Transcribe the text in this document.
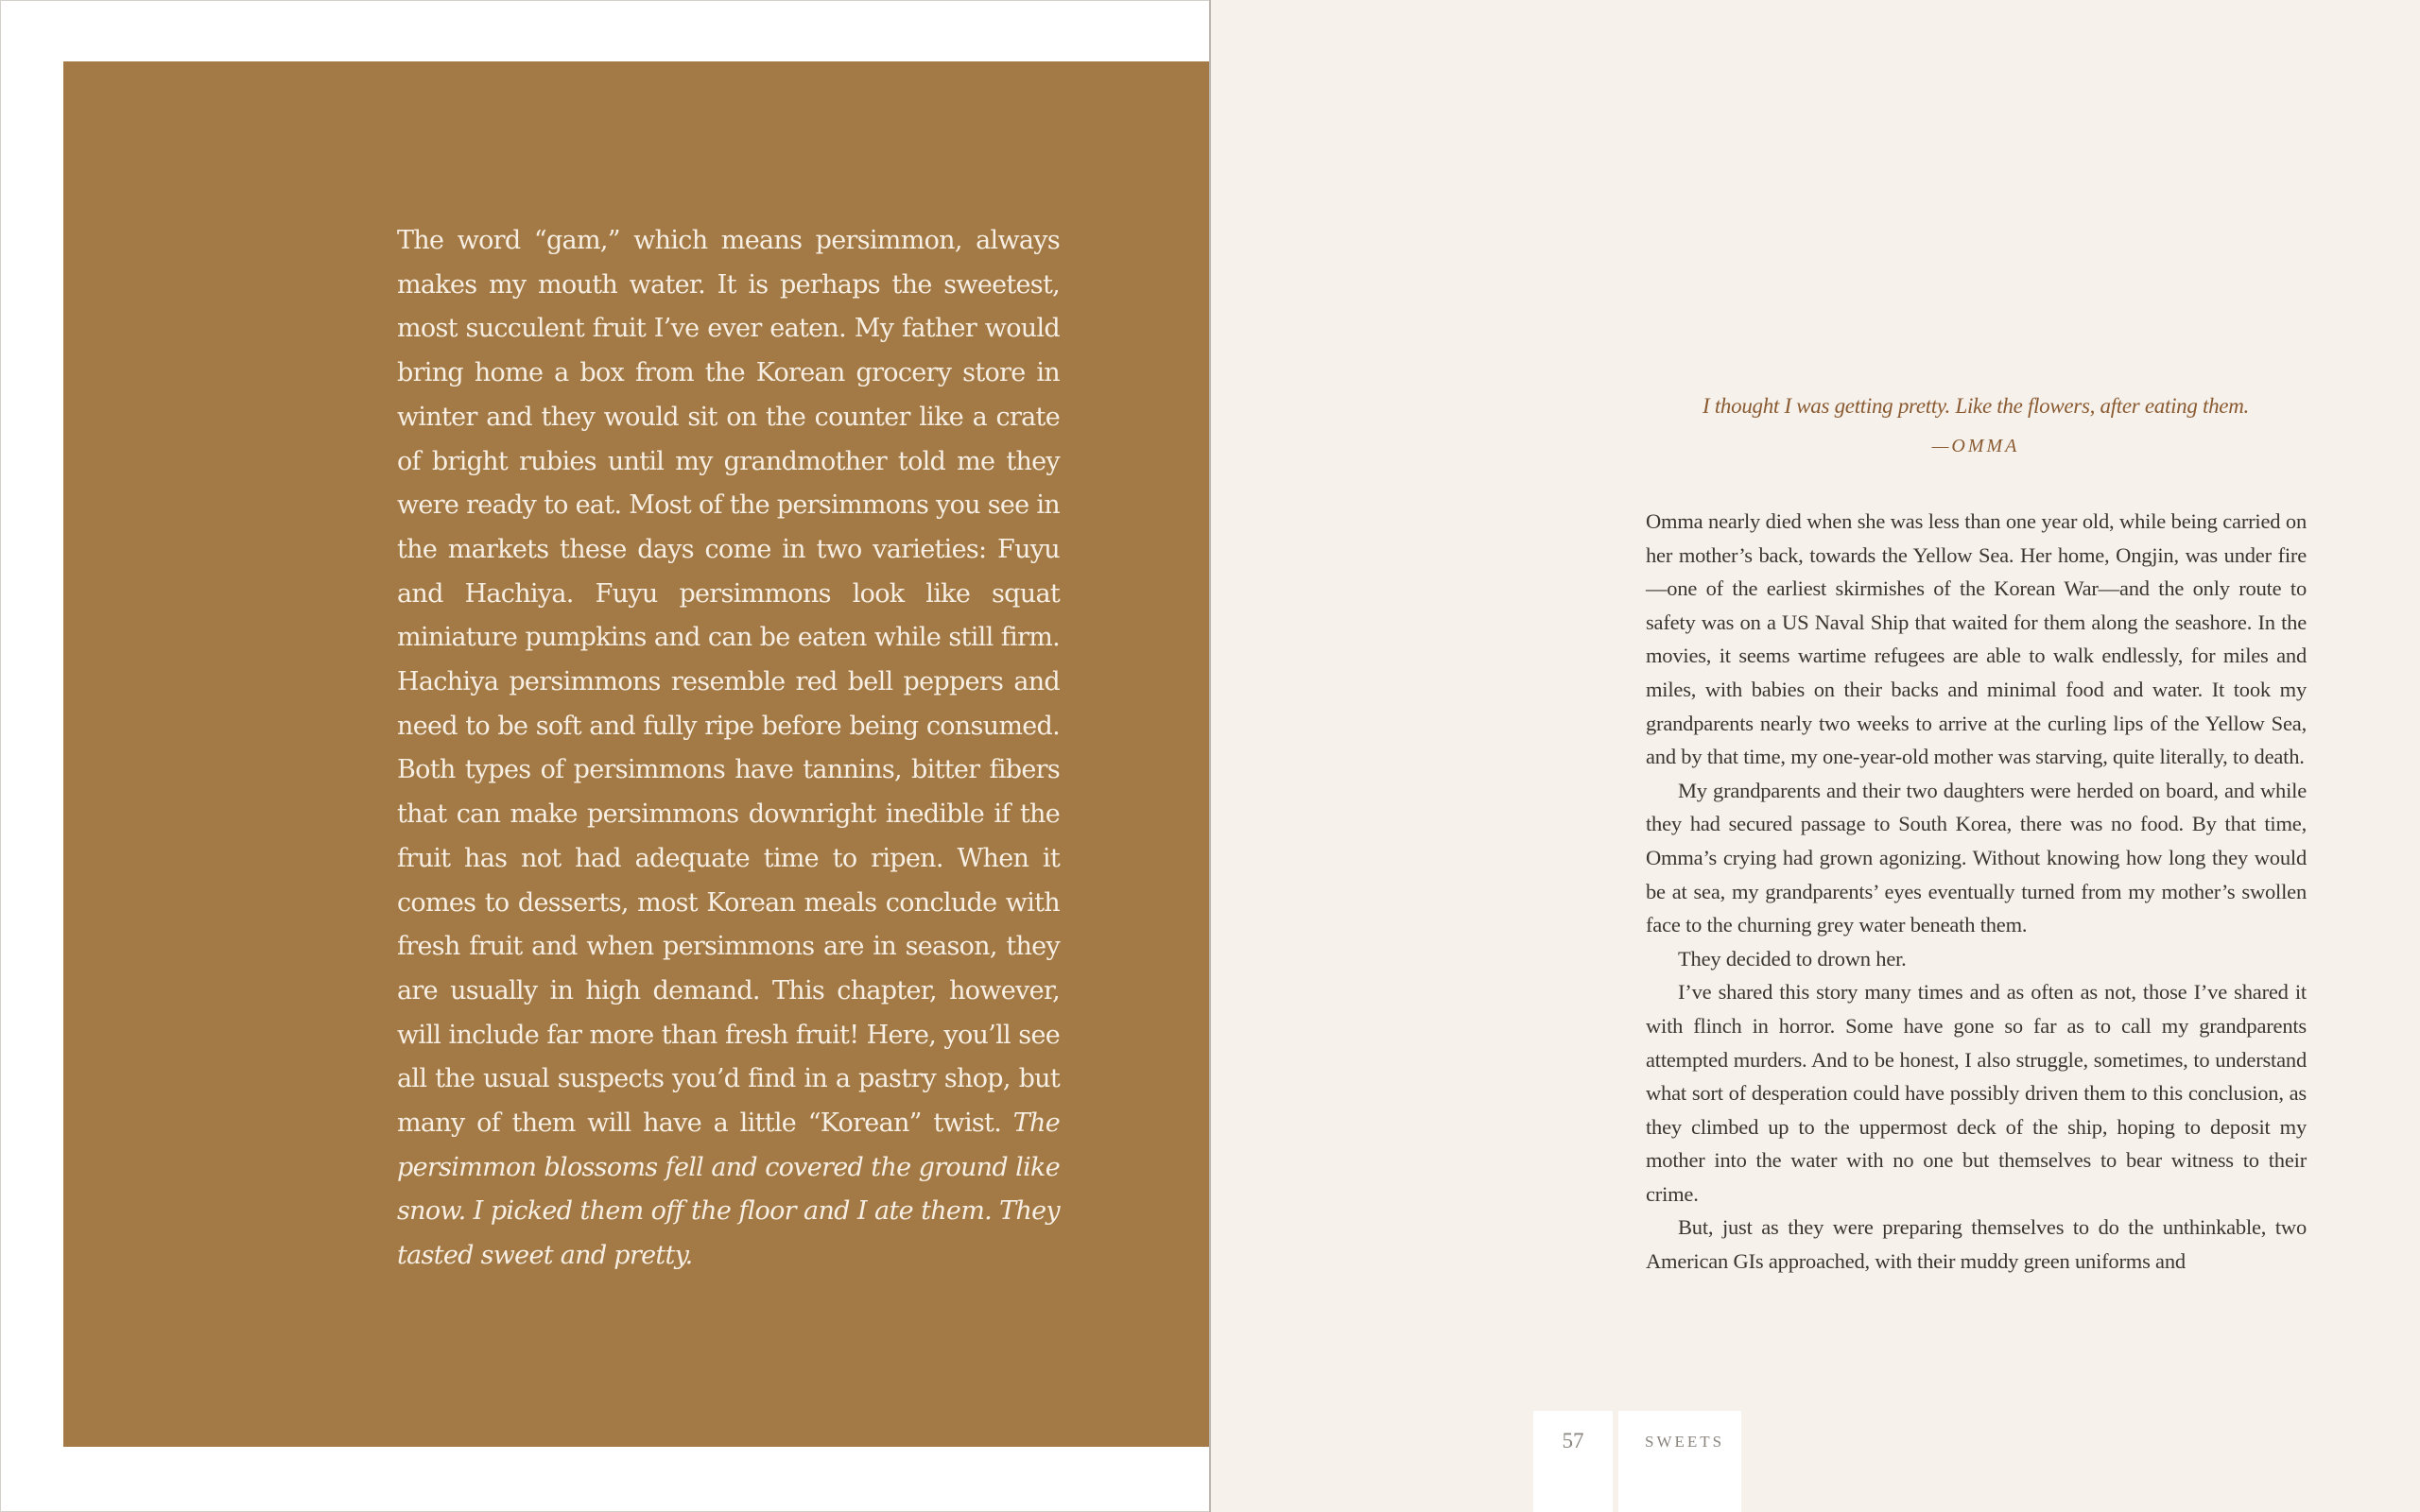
The word “gam,” which means persimmon, always makes my mouth water. It is perhaps the sweetest, most succulent fruit I’ve ever eaten. My father would bring home a box from the Korean grocery store in winter and they would sit on the counter like a crate of bright rubies until my grandmother told me they were ready to eat. Most of the persimmons you see in the markets these days come in two varieties: Fuyu and Hachiya. Fuyu persimmons look like squat miniature pumpkins and can be eaten while still firm. Hachiya persimmons resemble red bell peppers and need to be soft and fully ripe before being consumed. Both types of persimmons have tannins, bitter fibers that can make persimmons downright inedible if the fruit has not had adequate time to ripen. When it comes to desserts, most Korean meals conclude with fresh fruit and when persimmons are in season, they are usually in high demand. This chapter, however, will include far more than fresh fruit! Here, you’ll see all the usual suspects you’d find in a pastry shop, but many of them will have a little “Korean” twist. The persimmon blossoms fell and covered the ground like snow. I picked them off the floor and I ate them. They tasted sweet and pretty.

I thought I was getting pretty. Like the flowers, after eating them.
—OMMA

Omma nearly died when she was less than one year old, while being carried on her mother’s back, towards the Yellow Sea. Her home, Ongjin, was under fire—one of the earliest skirmishes of the Korean War—and the only route to safety was on a US Naval Ship that waited for them along the seashore. In the movies, it seems wartime refugees are able to walk endlessly, for miles and miles, with babies on their backs and minimal food and water. It took my grandparents nearly two weeks to arrive at the curling lips of the Yellow Sea, and by that time, my one-year-old mother was starving, quite literally, to death.

My grandparents and their two daughters were herded on board, and while they had secured passage to South Korea, there was no food. By that time, Omma’s crying had grown agonizing. Without knowing how long they would be at sea, my grandparents’ eyes eventually turned from my mother’s swollen face to the churning grey water beneath them.

They decided to drown her.

I’ve shared this story many times and as often as not, those I’ve shared it with flinch in horror. Some have gone so far as to call my grandparents attempted murders. And to be honest, I also struggle, sometimes, to understand what sort of desperation could have possibly driven them to this conclusion, as they climbed up to the uppermost deck of the ship, hoping to deposit my mother into the water with no one but themselves to bear witness to their crime.

But, just as they were preparing themselves to do the unthinkable, two American GIs approached, with their muddy green uniforms and

57	SWEETS
